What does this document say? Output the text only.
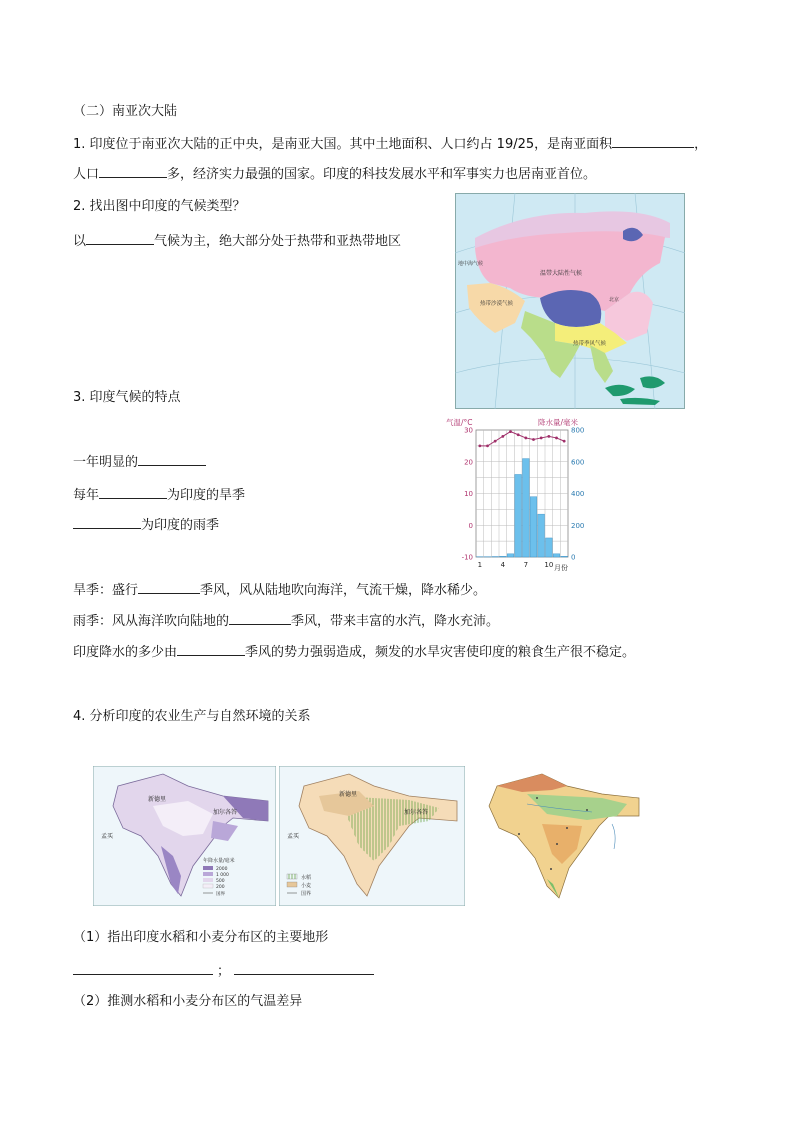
（二）南亚次大陆
1. 印度位于南亚次大陆的正中央，是南亚大国。其中土地面积、人口约占 19/25，是南亚面积	，
人口	多，经济实力最强的国家。印度的科技发展水平和军事实力也居南亚首位。
2. 找出图中印度的气候类型？
以	气候为主，绝大部分处于热带和亚热带地区
温带大陆性气候
热带季风气候
热带沙漠气候
北京
地中海气候
3. 印度气候的特点
一年明显的
每年	为印度的旱季
为印度的雨季
气温/°C	降水量/毫米
30
20
10
0
-10
800
600
400
200
0
1	4	7 10 月份
旱季：盛行	季风，风从陆地吹向海洋，气流干燥，降水稀少。
雨季：风从海洋吹向陆地的	季风，带来丰富的水汽，降水充沛。
印度降水的多少由	季风的势力强弱造成，频发的水旱灾害使印度的粮食生产很不稳定。
4. 分析印度的农业生产与自然环境的关系
新德里
加尔各答
孟买
年降水量/毫米
2000
1 000
500
200
国界
新德里
加尔各答
孟买
水稻
小麦
国界
（1）指出印度水稻和小麦分布区的主要地形
；
（2）推测水稻和小麦分布区的气温差异
